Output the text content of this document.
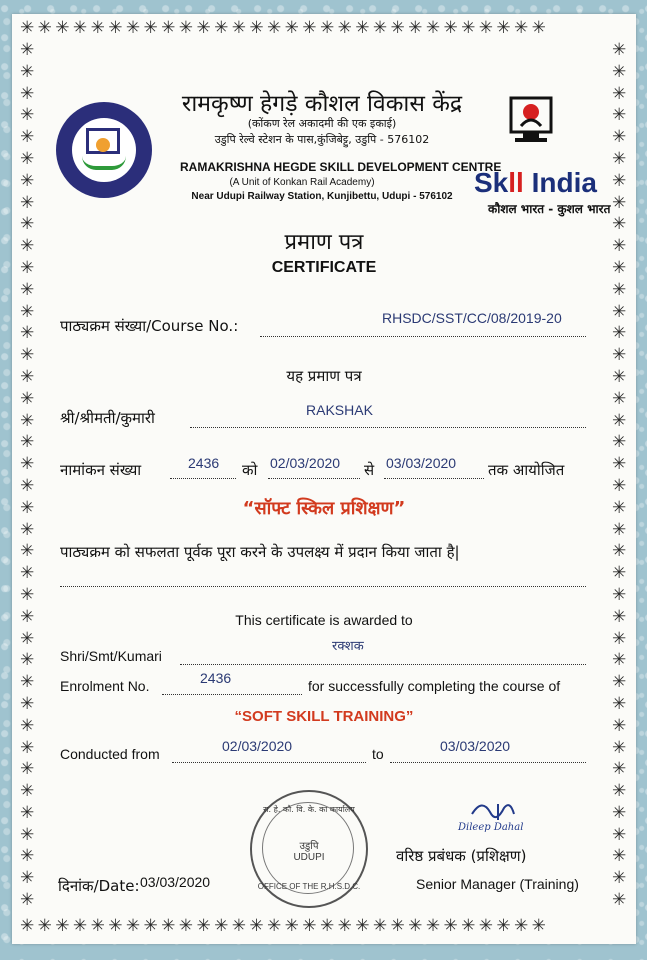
✳✳✳✳✳✳✳✳✳✳✳✳✳✳✳✳✳✳✳✳✳✳✳✳✳✳✳✳✳✳
✳✳✳✳✳✳✳✳✳✳✳✳✳✳✳✳✳✳✳✳✳✳✳✳✳✳✳✳✳✳
✳✳✳✳✳✳✳✳✳✳✳✳✳✳✳✳✳✳✳✳✳✳✳✳✳✳✳✳✳✳✳✳✳✳✳✳✳✳✳✳
✳✳✳✳✳✳✳✳✳✳✳✳✳✳✳✳✳✳✳✳✳✳✳✳✳✳✳✳✳✳✳✳✳✳✳✳✳✳✳✳
रामकृष्ण हेगड़े कौशल विकास केंद्र
(कोंकण रेल अकादमी की एक इकाई)
उडुपि रेल्वे स्टेशन के पास,कुंजिबेट्टु, उडुपि - 576102
RAMAKRISHNA HEGDE SKILL DEVELOPMENT CENTRE
(A Unit of Konkan Rail Academy)
Near Udupi Railway Station, Kunjibettu, Udupi - 576102 Skll India
कौशल भारत - कुशल भारत
प्रमाण पत्र
CERTIFICATE
पाठ्यक्रम संख्या/Course No.:	RHSDC/SST/CC/08/2019-20
यह प्रमाण पत्र
श्री/श्रीमती/कुमारी	RAKSHAK
नामांकन संख्या	2436 को 02/03/2020 से 03/03/2020 तक आयोजित
“सॉफ्ट स्किल प्रशिक्षण”
पाठ्यक्रम को सफलता पूर्वक पूरा करने के उपलक्ष्य में प्रदान किया जाता है|
This certificate is awarded to
Shri/Smt/Kumari
रक्शक
Enrolment No.	2436	for successfully completing the course of
“SOFT SKILL TRAINING”
Conducted from	02/03/2020	to	03/03/2020
रा. हे. कौ. वि. के. का कार्यालय
उडुपि
UDUPI
OFFICE OF THE R.H.S.D.C.
Dileep Dahal
दिनांक/Date: 03/03/2020
वरिष्ठ प्रबंधक (प्रशिक्षण)
Senior Manager (Training)
